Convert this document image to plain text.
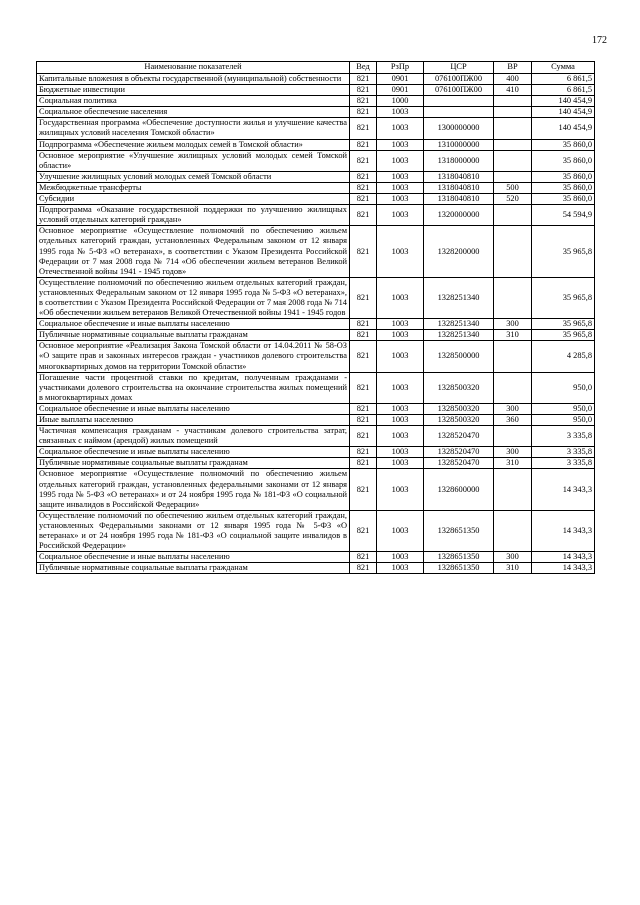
172
Наименование показателей	Вед	РзПр	ЦСР	ВР	Сумма
Капитальные вложения в объекты государственной (муниципальной) собственности	821	0901	076100ПЖ00	400	6 861,5
Бюджетные инвестиции	821	0901	076100ПЖ00	410	6 861,5
Социальная политика	821	1000			140 454,9
Социальное обеспечение населения	821	1003			140 454,9
Государственная программа «Обеспечение доступности жилья и улучшение качества жилищных условий населения Томской области»	821	1003	1300000000		140 454,9
Подпрограмма «Обеспечение жильем молодых семей в Томской области»	821	1003	1310000000		35 860,0
Основное мероприятие «Улучшение жилищных условий молодых семей Томской области»	821	1003	1318000000		35 860,0
Улучшение жилищных условий молодых семей Томской области	821	1003	1318040810		35 860,0
Межбюджетные трансферты	821	1003	1318040810	500	35 860,0
Субсидии	821	1003	1318040810	520	35 860,0
Подпрограмма «Оказание государственной поддержки по улучшению жилищных условий отдельных категорий граждан»	821	1003	1320000000		54 594,9
Основное мероприятие «Осуществление полномочий по обеспечению жильем отдельных категорий граждан, установленных Федеральным законом от 12 января 1995 года № 5-ФЗ «О ветеранах», в соответствии с Указом Президента Российской Федерации от 7 мая 2008 года № 714 «Об обеспечении жильем ветеранов Великой Отечественной войны 1941 - 1945 годов»	821	1003	1328200000		35 965,8
Осуществление полномочий по обеспечению жильем отдельных категорий граждан, установленных Федеральным законом от 12 января 1995 года № 5-ФЗ «О ветеранах», в соответствии с Указом Президента Российской Федерации от 7 мая 2008 года № 714 «Об обеспечении жильем ветеранов Великой Отечественной войны 1941 - 1945 годов	821	1003	1328251340		35 965,8
Социальное обеспечение и иные выплаты населению	821	1003	1328251340	300	35 965,8
Публичные нормативные социальные выплаты гражданам	821	1003	1328251340	310	35 965,8
Основное мероприятие «Реализация Закона Томской области от 14.04.2011 № 58-ОЗ «О защите прав и законных интересов граждан - участников долевого строительства многоквартирных домов на территории Томской области»	821	1003	1328500000		4 285,8
Погашение части процентной ставки по кредитам, полученным гражданами - участниками долевого строительства на окончание строительства жилых помещений в многоквартирных домах	821	1003	1328500320		950,0
Социальное обеспечение и иные выплаты населению	821	1003	1328500320	300	950,0
Иные выплаты населению	821	1003	1328500320	360	950,0
Частичная компенсация гражданам - участникам долевого строительства затрат, связанных с наймом (арендой) жилых помещений	821	1003	1328520470		3 335,8
Социальное обеспечение и иные выплаты населению	821	1003	1328520470	300	3 335,8
Публичные нормативные социальные выплаты гражданам	821	1003	1328520470	310	3 335,8
Основное мероприятие «Осуществление полномочий по обеспечению жильем отдельных категорий граждан, установленных федеральными законами от 12 января 1995 года № 5-ФЗ «О ветеранах» и от 24 ноября 1995 года № 181-ФЗ «О социальной защите инвалидов в Российской Федерации»	821	1003	1328600000		14 343,3
Осуществление полномочий по обеспечению жильем отдельных категорий граждан, установленных Федеральными законами от 12 января 1995 года № 5-ФЗ «О ветеранах» и от 24 ноября 1995 года № 181-ФЗ «О социальной защите инвалидов в Российской Федерации»	821	1003	1328651350		14 343,3
Социальное обеспечение и иные выплаты населению	821	1003	1328651350	300	14 343,3
Публичные нормативные социальные выплаты гражданам	821	1003	1328651350	310	14 343,3
